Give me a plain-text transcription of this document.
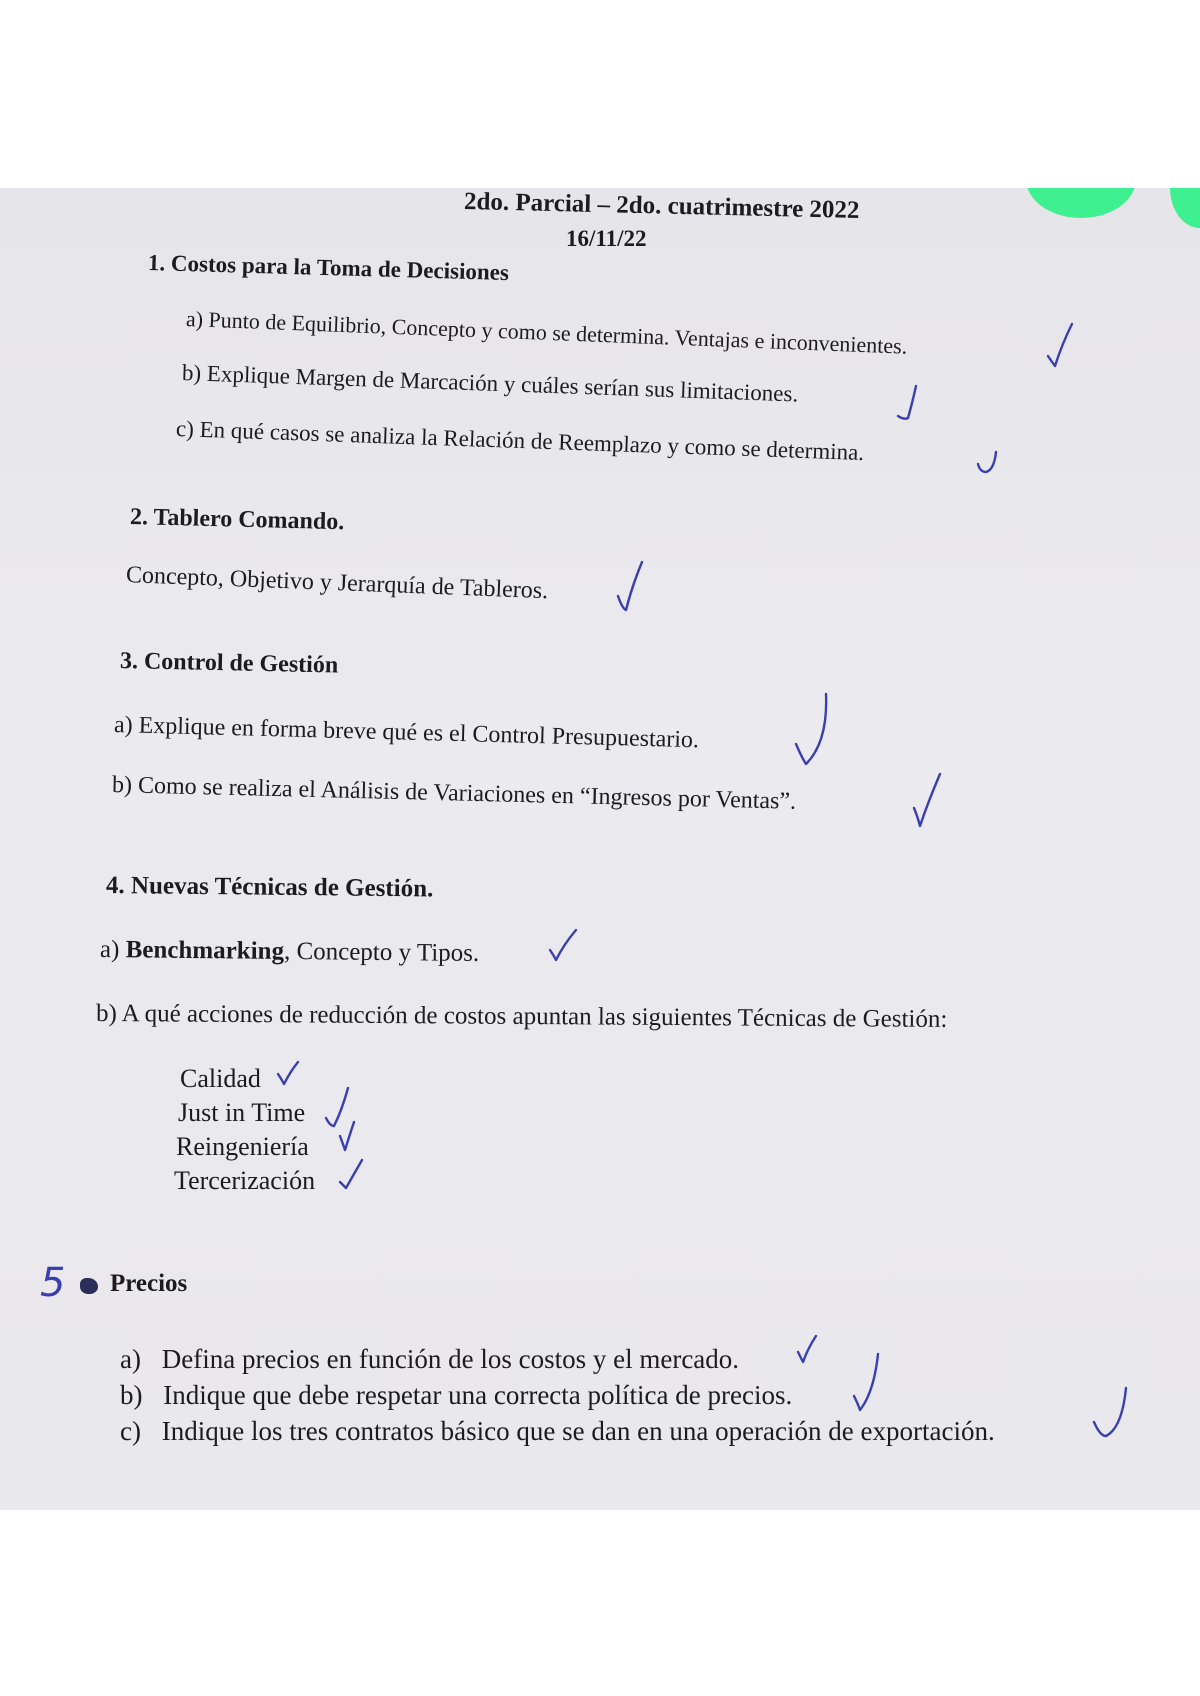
2do. Parcial – 2do. cuatrimestre 2022
16/11/22
1. Costos para la Toma de Decisiones
a) Punto de Equilibrio, Concepto y como se determina. Ventajas e inconvenientes.
b) Explique Margen de Marcación y cuáles serían sus limitaciones.
c) En qué casos se analiza la Relación de Reemplazo y como se determina.
2. Tablero Comando.
Concepto, Objetivo y Jerarquía de Tableros.
3. Control de Gestión
a) Explique en forma breve qué es el Control Presupuestario.
b) Como se realiza el Análisis de Variaciones en “Ingresos por Ventas”.
4. Nuevas Técnicas de Gestión.
a) Benchmarking, Concepto y Tipos.
b) A qué acciones de reducción de costos apuntan las siguientes Técnicas de Gestión:
Calidad
Just in Time
Reingeniería
Tercerización
5 Precios
a) Defina precios en función de los costos y el mercado.
b) Indique que debe respetar una correcta política de precios.
c) Indique los tres contratos básico que se dan en una operación de exportación.
